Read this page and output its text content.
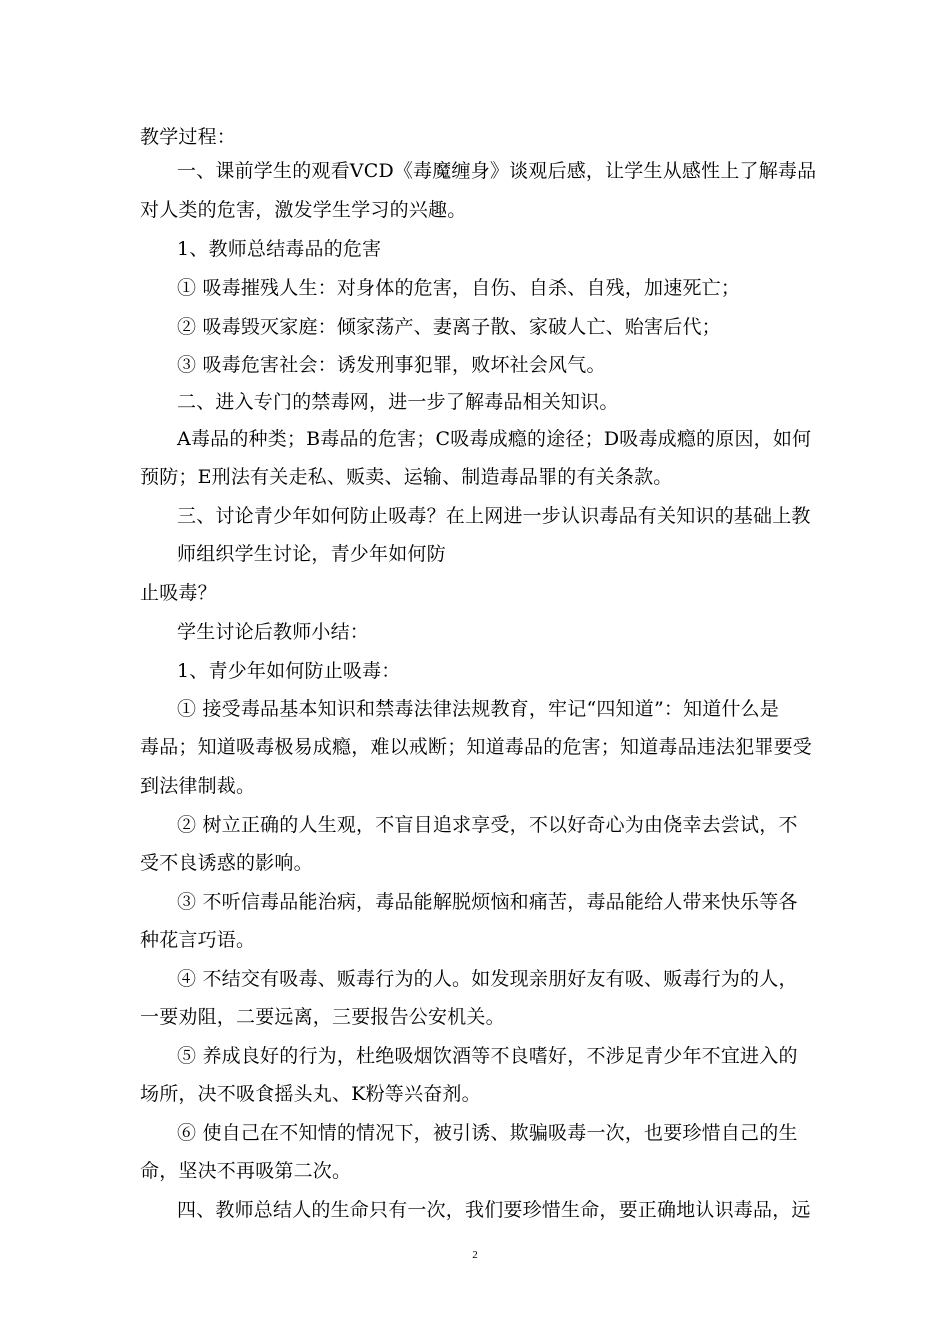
教学过程：
一、课前学生的观看VCD《毒魔缠身》谈观后感，让学生从感性上了解毒品
对人类的危害，激发学生学习的兴趣。
1、教师总结毒品的危害
① 吸毒摧残人生：对身体的危害，自伤、自杀、自残，加速死亡；
② 吸毒毁灭家庭：倾家荡产、妻离子散、家破人亡、贻害后代；
③ 吸毒危害社会：诱发刑事犯罪，败坏社会风气。
二、进入专门的禁毒网，进一步了解毒品相关知识。
A毒品的种类；B毒品的危害；C吸毒成瘾的途径；D吸毒成瘾的原因，如何
预防；E刑法有关走私、贩卖、运输、制造毒品罪的有关条款。
三、讨论青少年如何防止吸毒？在上网进一步认识毒品有关知识的基础上教
师组织学生讨论，青少年如何防
止吸毒？
学生讨论后教师小结：
1、青少年如何防止吸毒：
① 接受毒品基本知识和禁毒法律法规教育，牢记“四知道”：知道什么是
毒品；知道吸毒极易成瘾，难以戒断；知道毒品的危害；知道毒品违法犯罪要受
到法律制裁。
② 树立正确的人生观，不盲目追求享受，不以好奇心为由侥幸去尝试，不
受不良诱惑的影响。
③ 不听信毒品能治病，毒品能解脱烦恼和痛苦，毒品能给人带来快乐等各
种花言巧语。
④ 不结交有吸毒、贩毒行为的人。如发现亲朋好友有吸、贩毒行为的人，
一要劝阻，二要远离，三要报告公安机关。
⑤ 养成良好的行为，杜绝吸烟饮酒等不良嗜好，不涉足青少年不宜进入的
场所，决不吸食摇头丸、K粉等兴奋剂。
⑥ 使自己在不知情的情况下，被引诱、欺骗吸毒一次，也要珍惜自己的生
命，坚决不再吸第二次。
四、教师总结人的生命只有一次，我们要珍惜生命，要正确地认识毒品，远
2
